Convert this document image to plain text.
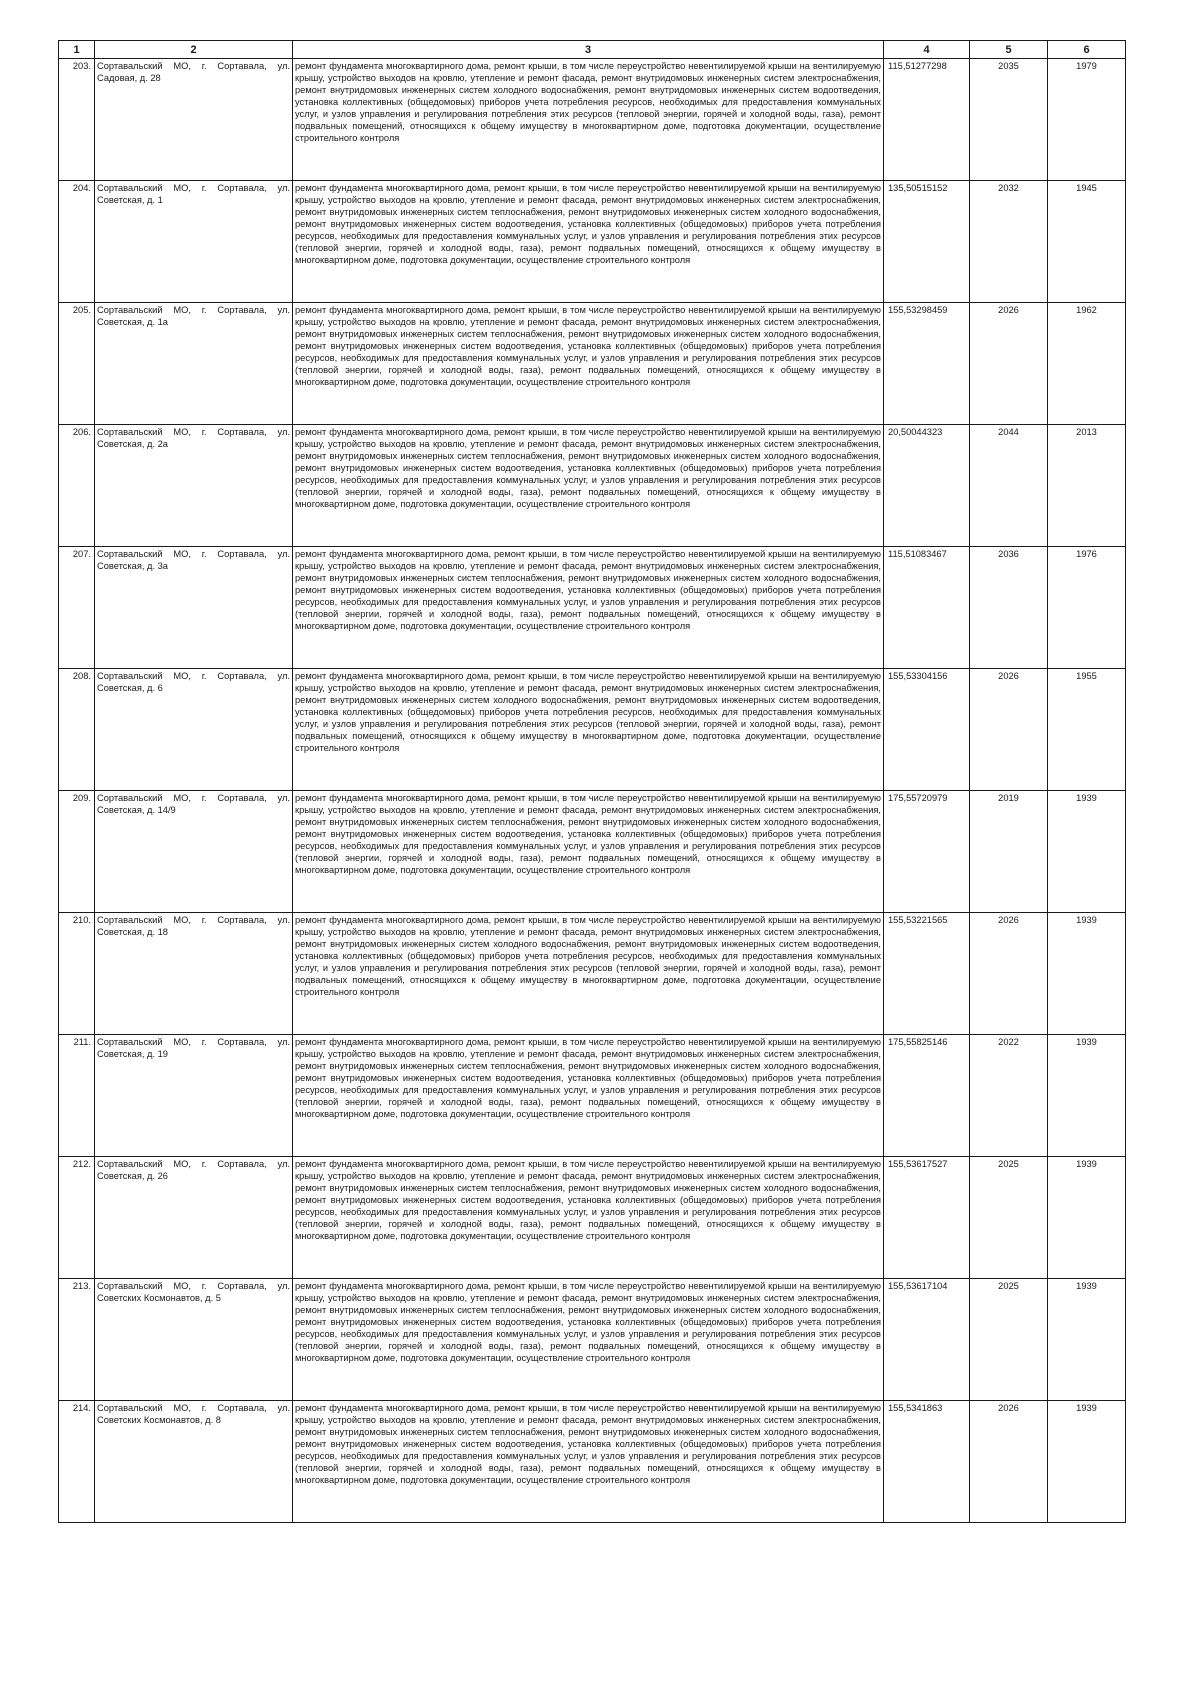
1	2	3	4	5	6
203.	Сортавальский МО, г. Сортавала, ул. Садовая, д. 28	ремонт фундамента многоквартирного дома, ремонт крыши, в том числе переустройство невентилируемой крыши на вентилируемую крышу, устройство выходов на кровлю, утепление и ремонт фасада, ремонт внутридомовых инженерных систем электроснабжения, ремонт внутридомовых инженерных систем холодного водоснабжения, ремонт внутридомовых инженерных систем водоотведения, установка коллективных (общедомовых) приборов учета потребления ресурсов, необходимых для предоставления коммунальных услуг, и узлов управления и регулирования потребления этих ресурсов (тепловой энергии, горячей и холодной воды, газа), ремонт подвальных помещений, относящихся к общему имуществу в многоквартирном доме, подготовка документации, осуществление строительного контроля	115,51277298	2035	1979
204.	Сортавальский МО, г. Сортавала, ул. Советская, д. 1	ремонт фундамента многоквартирного дома, ремонт крыши, в том числе переустройство невентилируемой крыши на вентилируемую крышу, устройство выходов на кровлю, утепление и ремонт фасада, ремонт внутридомовых инженерных систем электроснабжения, ремонт внутридомовых инженерных систем теплоснабжения, ремонт внутридомовых инженерных систем холодного водоснабжения, ремонт внутридомовых инженерных систем водоотведения, установка коллективных (общедомовых) приборов учета потребления ресурсов, необходимых для предоставления коммунальных услуг, и узлов управления и регулирования потребления этих ресурсов (тепловой энергии, горячей и холодной воды, газа), ремонт подвальных помещений, относящихся к общему имуществу в многоквартирном доме, подготовка документации, осуществление строительного контроля	135,50515152	2032	1945
205.	Сортавальский МО, г. Сортавала, ул. Советская, д. 1а	ремонт фундамента многоквартирного дома, ремонт крыши, в том числе переустройство невентилируемой крыши на вентилируемую крышу, устройство выходов на кровлю, утепление и ремонт фасада, ремонт внутридомовых инженерных систем электроснабжения, ремонт внутридомовых инженерных систем теплоснабжения, ремонт внутридомовых инженерных систем холодного водоснабжения, ремонт внутридомовых инженерных систем водоотведения, установка коллективных (общедомовых) приборов учета потребления ресурсов, необходимых для предоставления коммунальных услуг, и узлов управления и регулирования потребления этих ресурсов (тепловой энергии, горячей и холодной воды, газа), ремонт подвальных помещений, относящихся к общему имуществу в многоквартирном доме, подготовка документации, осуществление строительного контроля	155,53298459	2026	1962
206.	Сортавальский МО, г. Сортавала, ул. Советская, д. 2а	ремонт фундамента многоквартирного дома, ремонт крыши, в том числе переустройство невентилируемой крыши на вентилируемую крышу, устройство выходов на кровлю, утепление и ремонт фасада, ремонт внутридомовых инженерных систем электроснабжения, ремонт внутридомовых инженерных систем теплоснабжения, ремонт внутридомовых инженерных систем холодного водоснабжения, ремонт внутридомовых инженерных систем водоотведения, установка коллективных (общедомовых) приборов учета потребления ресурсов, необходимых для предоставления коммунальных услуг, и узлов управления и регулирования потребления этих ресурсов (тепловой энергии, горячей и холодной воды, газа), ремонт подвальных помещений, относящихся к общему имуществу в многоквартирном доме, подготовка документации, осуществление строительного контроля	20,50044323	2044	2013
207.	Сортавальский МО, г. Сортавала, ул. Советская, д. 3а	ремонт фундамента многоквартирного дома, ремонт крыши, в том числе переустройство невентилируемой крыши на вентилируемую крышу, устройство выходов на кровлю, утепление и ремонт фасада, ремонт внутридомовых инженерных систем электроснабжения, ремонт внутридомовых инженерных систем теплоснабжения, ремонт внутридомовых инженерных систем холодного водоснабжения, ремонт внутридомовых инженерных систем водоотведения, установка коллективных (общедомовых) приборов учета потребления ресурсов, необходимых для предоставления коммунальных услуг, и узлов управления и регулирования потребления этих ресурсов (тепловой энергии, горячей и холодной воды, газа), ремонт подвальных помещений, относящихся к общему имуществу в многоквартирном доме, подготовка документации, осуществление строительного контроля	115,51083467	2036	1976
208.	Сортавальский МО, г. Сортавала, ул. Советская, д. 6	ремонт фундамента многоквартирного дома, ремонт крыши, в том числе переустройство невентилируемой крыши на вентилируемую крышу, устройство выходов на кровлю, утепление и ремонт фасада, ремонт внутридомовых инженерных систем электроснабжения, ремонт внутридомовых инженерных систем холодного водоснабжения, ремонт внутридомовых инженерных систем водоотведения, установка коллективных (общедомовых) приборов учета потребления ресурсов, необходимых для предоставления коммунальных услуг, и узлов управления и регулирования потребления этих ресурсов (тепловой энергии, горячей и холодной воды, газа), ремонт подвальных помещений, относящихся к общему имуществу в многоквартирном доме, подготовка документации, осуществление строительного контроля	155,53304156	2026	1955
209.	Сортавальский МО, г. Сортавала, ул. Советская, д. 14/9	ремонт фундамента многоквартирного дома, ремонт крыши, в том числе переустройство невентилируемой крыши на вентилируемую крышу, устройство выходов на кровлю, утепление и ремонт фасада, ремонт внутридомовых инженерных систем электроснабжения, ремонт внутридомовых инженерных систем теплоснабжения, ремонт внутридомовых инженерных систем холодного водоснабжения, ремонт внутридомовых инженерных систем водоотведения, установка коллективных (общедомовых) приборов учета потребления ресурсов, необходимых для предоставления коммунальных услуг, и узлов управления и регулирования потребления этих ресурсов (тепловой энергии, горячей и холодной воды, газа), ремонт подвальных помещений, относящихся к общему имуществу в многоквартирном доме, подготовка документации, осуществление строительного контроля	175,55720979	2019	1939
210.	Сортавальский МО, г. Сортавала, ул. Советская, д. 18	ремонт фундамента многоквартирного дома, ремонт крыши, в том числе переустройство невентилируемой крыши на вентилируемую крышу, устройство выходов на кровлю, утепление и ремонт фасада, ремонт внутридомовых инженерных систем электроснабжения, ремонт внутридомовых инженерных систем холодного водоснабжения, ремонт внутридомовых инженерных систем водоотведения, установка коллективных (общедомовых) приборов учета потребления ресурсов, необходимых для предоставления коммунальных услуг, и узлов управления и регулирования потребления этих ресурсов (тепловой энергии, горячей и холодной воды, газа), ремонт подвальных помещений, относящихся к общему имуществу в многоквартирном доме, подготовка документации, осуществление строительного контроля	155,53221565	2026	1939
211.	Сортавальский МО, г. Сортавала, ул. Советская, д. 19	ремонт фундамента многоквартирного дома, ремонт крыши, в том числе переустройство невентилируемой крыши на вентилируемую крышу, устройство выходов на кровлю, утепление и ремонт фасада, ремонт внутридомовых инженерных систем электроснабжения, ремонт внутридомовых инженерных систем теплоснабжения, ремонт внутридомовых инженерных систем холодного водоснабжения, ремонт внутридомовых инженерных систем водоотведения, установка коллективных (общедомовых) приборов учета потребления ресурсов, необходимых для предоставления коммунальных услуг, и узлов управления и регулирования потребления этих ресурсов (тепловой энергии, горячей и холодной воды, газа), ремонт подвальных помещений, относящихся к общему имуществу в многоквартирном доме, подготовка документации, осуществление строительного контроля	175,55825146	2022	1939
212.	Сортавальский МО, г. Сортавала, ул. Советская, д. 26	ремонт фундамента многоквартирного дома, ремонт крыши, в том числе переустройство невентилируемой крыши на вентилируемую крышу, устройство выходов на кровлю, утепление и ремонт фасада, ремонт внутридомовых инженерных систем электроснабжения, ремонт внутридомовых инженерных систем теплоснабжения, ремонт внутридомовых инженерных систем холодного водоснабжения, ремонт внутридомовых инженерных систем водоотведения, установка коллективных (общедомовых) приборов учета потребления ресурсов, необходимых для предоставления коммунальных услуг, и узлов управления и регулирования потребления этих ресурсов (тепловой энергии, горячей и холодной воды, газа), ремонт подвальных помещений, относящихся к общему имуществу в многоквартирном доме, подготовка документации, осуществление строительного контроля	155,53617527	2025	1939
213.	Сортавальский МО, г. Сортавала, ул. Советских Космонавтов, д. 5	ремонт фундамента многоквартирного дома, ремонт крыши, в том числе переустройство невентилируемой крыши на вентилируемую крышу, устройство выходов на кровлю, утепление и ремонт фасада, ремонт внутридомовых инженерных систем электроснабжения, ремонт внутридомовых инженерных систем теплоснабжения, ремонт внутридомовых инженерных систем холодного водоснабжения, ремонт внутридомовых инженерных систем водоотведения, установка коллективных (общедомовых) приборов учета потребления ресурсов, необходимых для предоставления коммунальных услуг, и узлов управления и регулирования потребления этих ресурсов (тепловой энергии, горячей и холодной воды, газа), ремонт подвальных помещений, относящихся к общему имуществу в многоквартирном доме, подготовка документации, осуществление строительного контроля	155,53617104	2025	1939
214.	Сортавальский МО, г. Сортавала, ул. Советских Космонавтов, д. 8	ремонт фундамента многоквартирного дома, ремонт крыши, в том числе переустройство невентилируемой крыши на вентилируемую крышу, устройство выходов на кровлю, утепление и ремонт фасада, ремонт внутридомовых инженерных систем электроснабжения, ремонт внутридомовых инженерных систем теплоснабжения, ремонт внутридомовых инженерных систем холодного водоснабжения, ремонт внутридомовых инженерных систем водоотведения, установка коллективных (общедомовых) приборов учета потребления ресурсов, необходимых для предоставления коммунальных услуг, и узлов управления и регулирования потребления этих ресурсов (тепловой энергии, горячей и холодной воды, газа), ремонт подвальных помещений, относящихся к общему имуществу в многоквартирном доме, подготовка документации, осуществление строительного контроля	155,5341863	2026	1939
